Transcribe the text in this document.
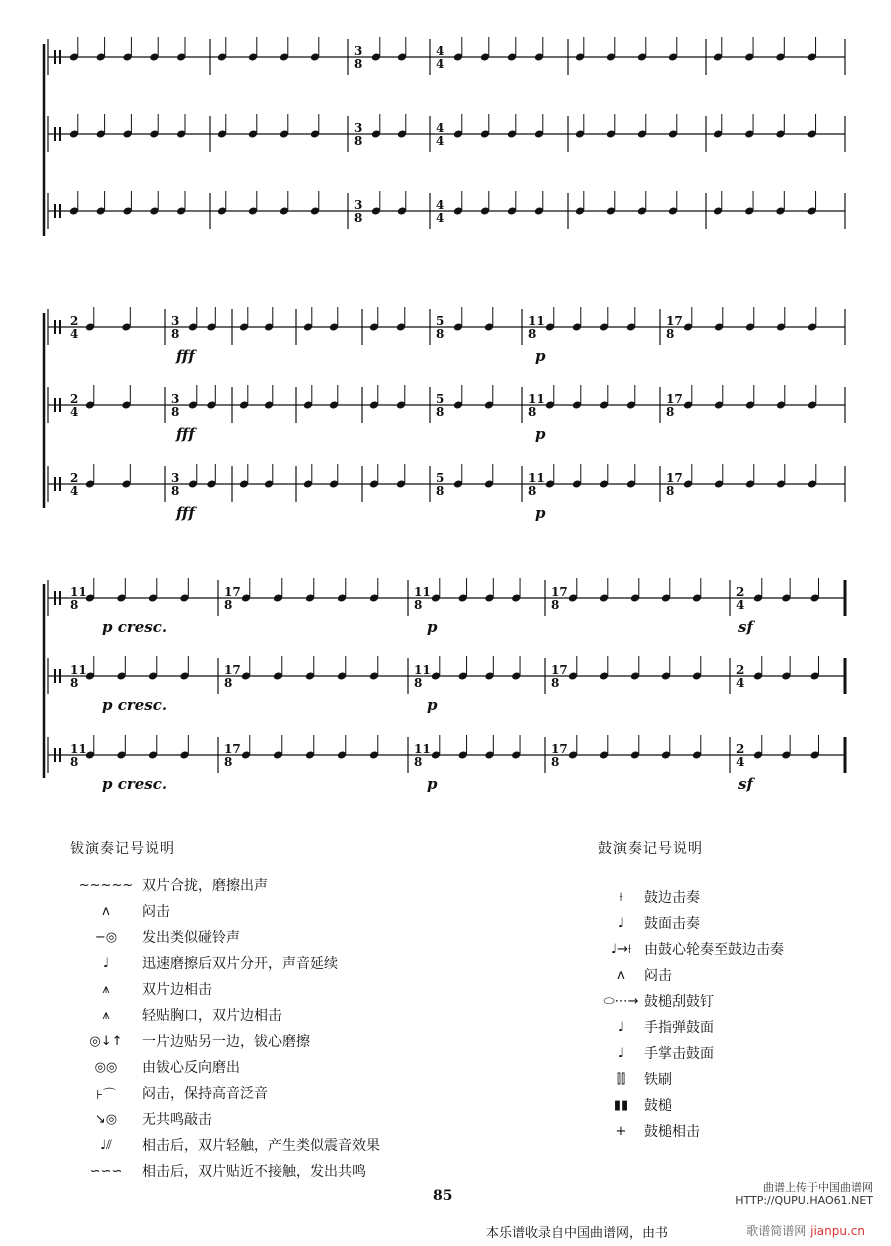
3
8
3
8
3
8
4
4
4
4
4
4
2
4
2
4
2
4
3
8
3
8
3
8
5
8
5
8
5
8
11
8
11
8
11
8
17
8
17
8
17
8
fff
fff
fff
p
p
p
11
8
11
8
11
8
17
8
17
8
17
8
11
8
11
8
11
8
17
8
17
8
17
8
2
4
2
4
2
4
p cresc.
p cresc.
p cresc.
p
p
p
sf
sf
钹演奏记号说明
~~~~~ 双片合拢，磨擦出声
ᴧ	闷击
−◎	发出类似碰铃声
♩	迅速磨擦后双片分开，声音延续
⩚	双片边相击
⩚	轻贴胸口，双片边相击
◎↓↑	一片边贴另一边，钹心磨擦
◎◎	由钹心反向磨出
⊦⌒	闷击，保持高音泛音
↘◎	无共鸣敲击
♩⫽	相击后，双片轻触，产生类似震音效果
∽∽∽	相击后，双片贴近不接触，发出共鸣
鼓演奏记号说明
⟊	鼓边击奏
♩	鼓面击奏
♩→⟊ 由鼓心轮奏至鼓边击奏
ᴧ	闷击
⬭⋯→ 鼓槌刮鼓钉
♩	手指弹鼓面
♩	手掌击鼓面
⫿⫿	铁刷
▮▮	鼓槌
+	鼓槌相击
85
曲谱上传于中国曲谱网
HTTP://QUPU.HAO61.NET
本乐谱收录自中国曲谱网，由书	歌谱简谱网 jianpu.cn
